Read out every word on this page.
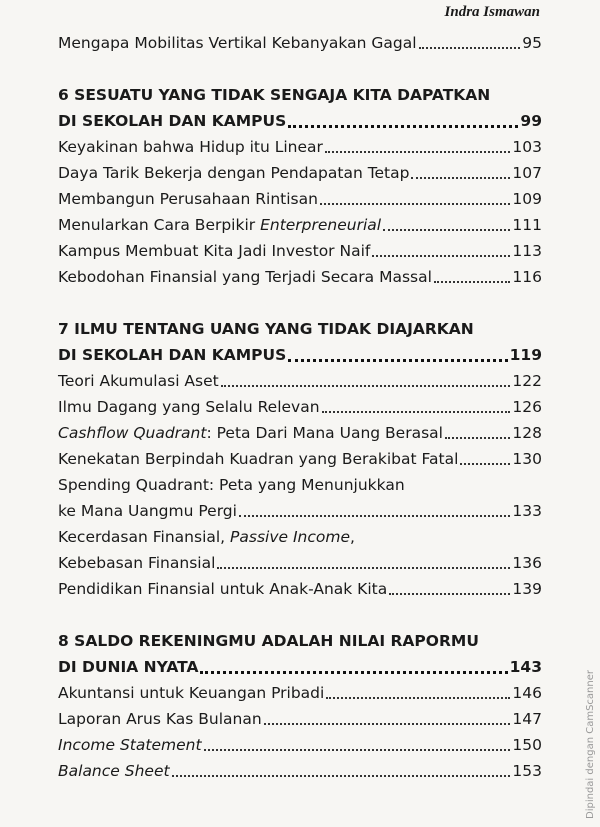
Indra Ismawan
Mengapa Mobilitas Vertikal Kebanyakan Gagal	95
6 SESUATU YANG TIDAK SENGAJA KITA DAPATKAN
DI SEKOLAH DAN KAMPUS	99
Keyakinan bahwa Hidup itu Linear	103
Daya Tarik Bekerja dengan Pendapatan Tetap	107
Membangun Perusahaan Rintisan	109
Menularkan Cara Berpikir Enterpreneurial	111
Kampus Membuat Kita Jadi Investor Naif	113
Kebodohan Finansial yang Terjadi Secara Massal	116
7 ILMU TENTANG UANG YANG TIDAK DIAJARKAN
DI SEKOLAH DAN KAMPUS	119
Teori Akumulasi Aset	122
Ilmu Dagang yang Selalu Relevan	126
Cashflow Quadrant: Peta Dari Mana Uang Berasal	128
Kenekatan Berpindah Kuadran yang Berakibat Fatal	130
Spending Quadrant: Peta yang Menunjukkan
ke Mana Uangmu Pergi	133
Kecerdasan Finansial, Passive Income,
Kebebasan Finansial	136
Pendidikan Finansial untuk Anak-Anak Kita	139
8 SALDO REKENINGMU ADALAH NILAI RAPORMU
DI DUNIA NYATA	143
Akuntansi untuk Keuangan Pribadi	146
Laporan Arus Kas Bulanan	147
Income Statement	150
Balance Sheet	153	Dipindai dengan CamScanner
